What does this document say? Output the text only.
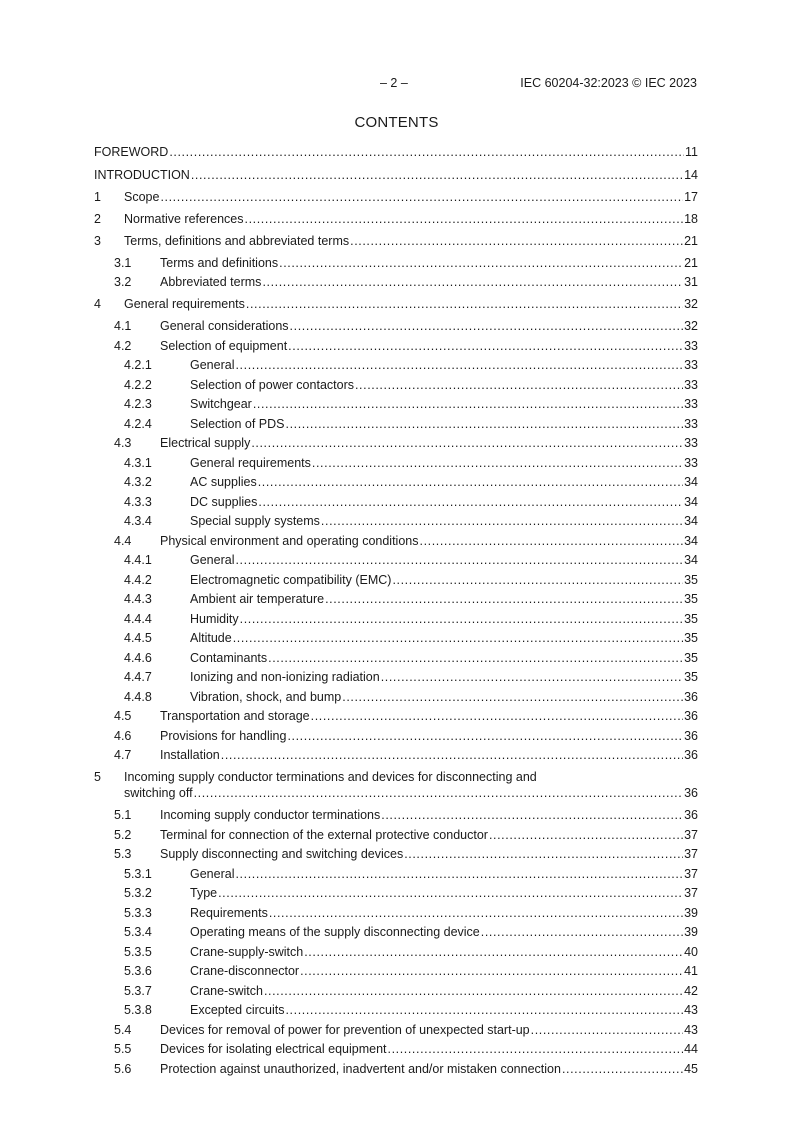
– 2 –	IEC 60204-32:2023 © IEC 2023
CONTENTS
FOREWORD .....	11
INTRODUCTION .....	14
1	Scope .....	17
2	Normative references .....	18
3	Terms, definitions and abbreviated terms .....	21
3.1	Terms and definitions .....	21
3.2	Abbreviated terms .....	31
4	General requirements .....	32
4.1	General considerations .....	32
4.2	Selection of equipment .....	33
4.2.1	General .....	33
4.2.2	Selection of power contactors .....	33
4.2.3	Switchgear .....	33
4.2.4	Selection of PDS .....	33
4.3	Electrical supply .....	33
4.3.1	General requirements .....	33
4.3.2	AC supplies .....	34
4.3.3	DC supplies .....	34
4.3.4	Special supply systems .....	34
4.4	Physical environment and operating conditions .....	34
4.4.1	General .....	34
4.4.2	Electromagnetic compatibility (EMC) .....	35
4.4.3	Ambient air temperature .....	35
4.4.4	Humidity .....	35
4.4.5	Altitude .....	35
4.4.6	Contaminants .....	35
4.4.7	Ionizing and non-ionizing radiation .....	35
4.4.8	Vibration, shock, and bump .....	36
4.5	Transportation and storage .....	36
4.6	Provisions for handling .....	36
4.7	Installation .....	36
5	Incoming supply conductor terminations and devices for disconnecting and
switching off .....	36
5.1	Incoming supply conductor terminations .....	36
5.2	Terminal for connection of the external protective conductor .....	37
5.3	Supply disconnecting and switching devices .....	37
5.3.1	General .....	37
5.3.2	Type .....	37
5.3.3	Requirements .....	39
5.3.4	Operating means of the supply disconnecting device .....	39
5.3.5	Crane-supply-switch .....	40
5.3.6	Crane-disconnector .....	41
5.3.7	Crane-switch .....	42
5.3.8	Excepted circuits .....	43
5.4	Devices for removal of power for prevention of unexpected start-up .....	43
5.5	Devices for isolating electrical equipment .....	44
5.6	Protection against unauthorized, inadvertent and/or mistaken connection .....	45
